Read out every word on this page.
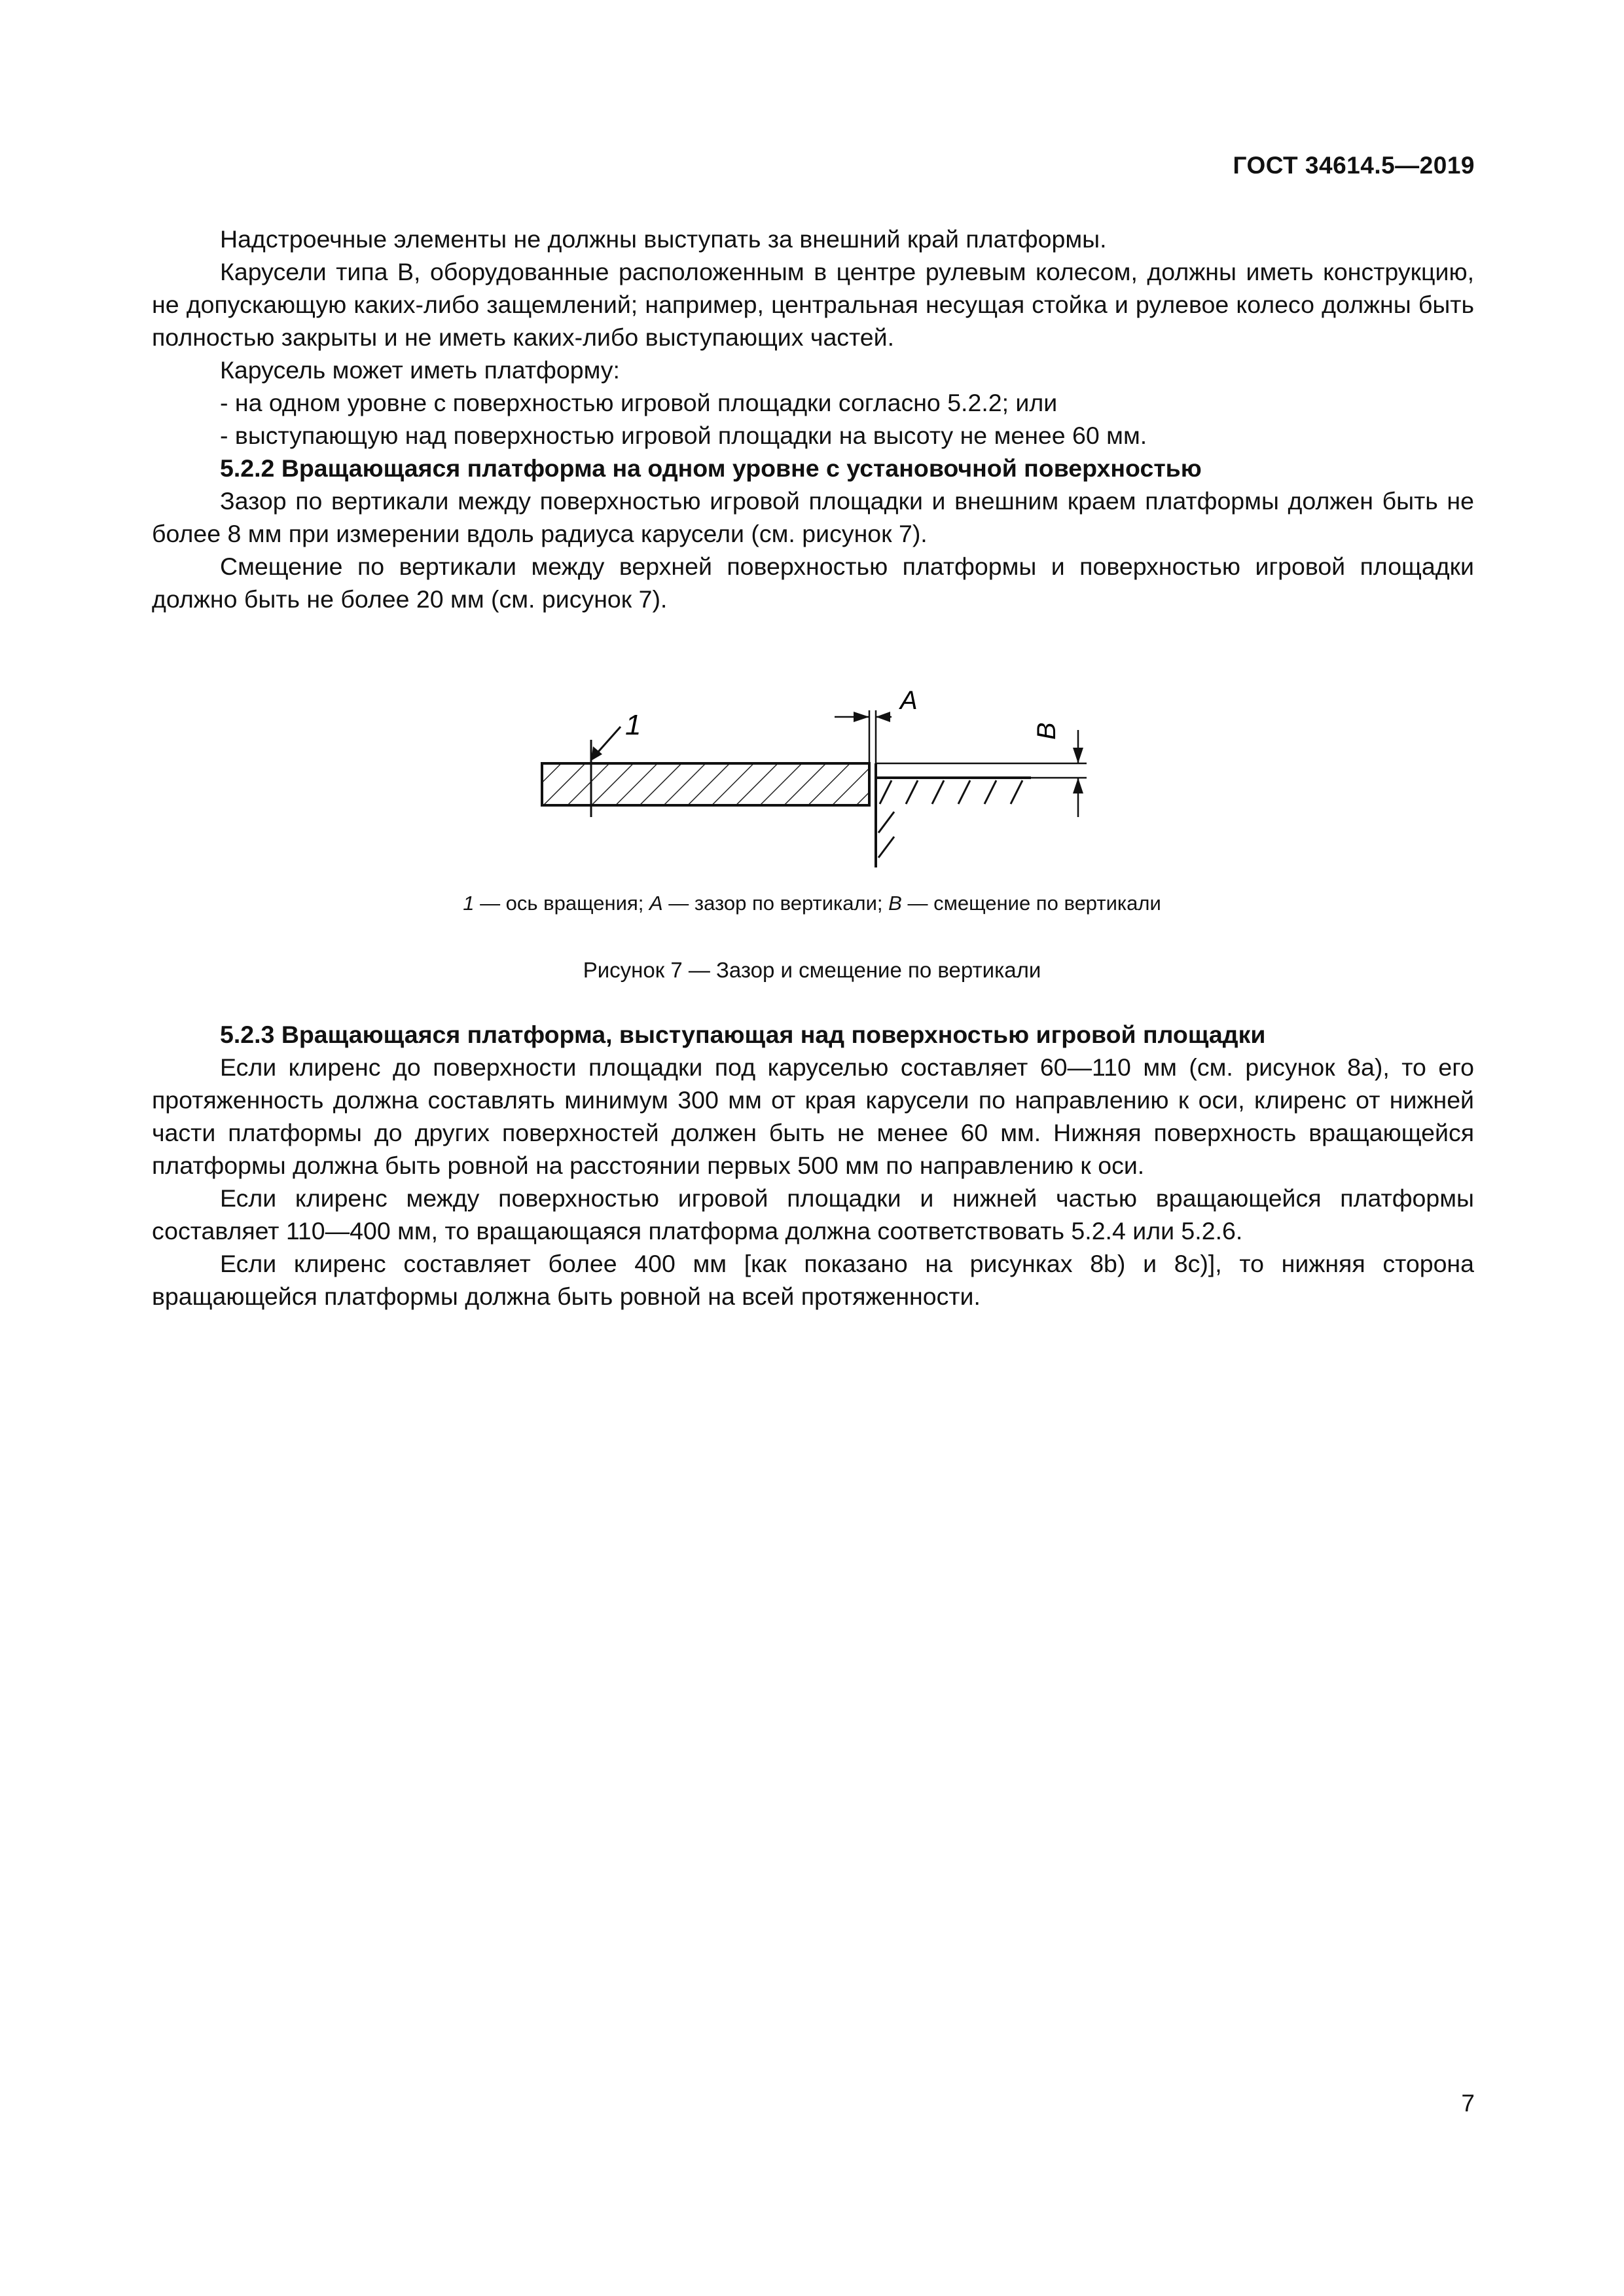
ГОСТ 34614.5—2019

Надстроечные элементы не должны выступать за внешний край платформы.

Карусели типа B, оборудованные расположенным в центре рулевым колесом, должны иметь конструкцию, не допускающую каких-либо защемлений; например, центральная несущая стойка и рулевое колесо должны быть полностью закрыты и не иметь каких-либо выступающих частей.

Карусель может иметь платформу:

- на одном уровне с поверхностью игровой площадки согласно 5.2.2; или
- выступающую над поверхностью игровой площадки на высоту не менее 60 мм.
5.2.2 Вращающаяся платформа на одном уровне с установочной поверхностью

Зазор по вертикали между поверхностью игровой площадки и внешним краем платформы должен быть не более 8 мм при измерении вдоль радиуса карусели (см. рисунок 7).

Смещение по вертикали между верхней поверхностью платформы и поверхностью игровой площадки должно быть не более 20 мм (см. рисунок 7).

1
A
B
1 — ось вращения; A — зазор по вертикали; B — смещение по вертикали
Рисунок 7 — Зазор и смещение по вертикали
5.2.3 Вращающаяся платформа, выступающая над поверхностью игровой площадки

Если клиренс до поверхности площадки под каруселью составляет 60—110 мм (см. рисунок 8а), то его протяженность должна составлять минимум 300 мм от края карусели по направлению к оси, клиренс от нижней части платформы до других поверхностей должен быть не менее 60 мм. Нижняя поверхность вращающейся платформы должна быть ровной на расстоянии первых 500 мм по направлению к оси.

Если клиренс между поверхностью игровой площадки и нижней частью вращающейся платформы составляет 110—400 мм, то вращающаяся платформа должна соответствовать 5.2.4 или 5.2.6.

Если клиренс составляет более 400 мм [как показано на рисунках 8b) и 8c)], то нижняя сторона вращающейся платформы должна быть ровной на всей протяженности.

7
